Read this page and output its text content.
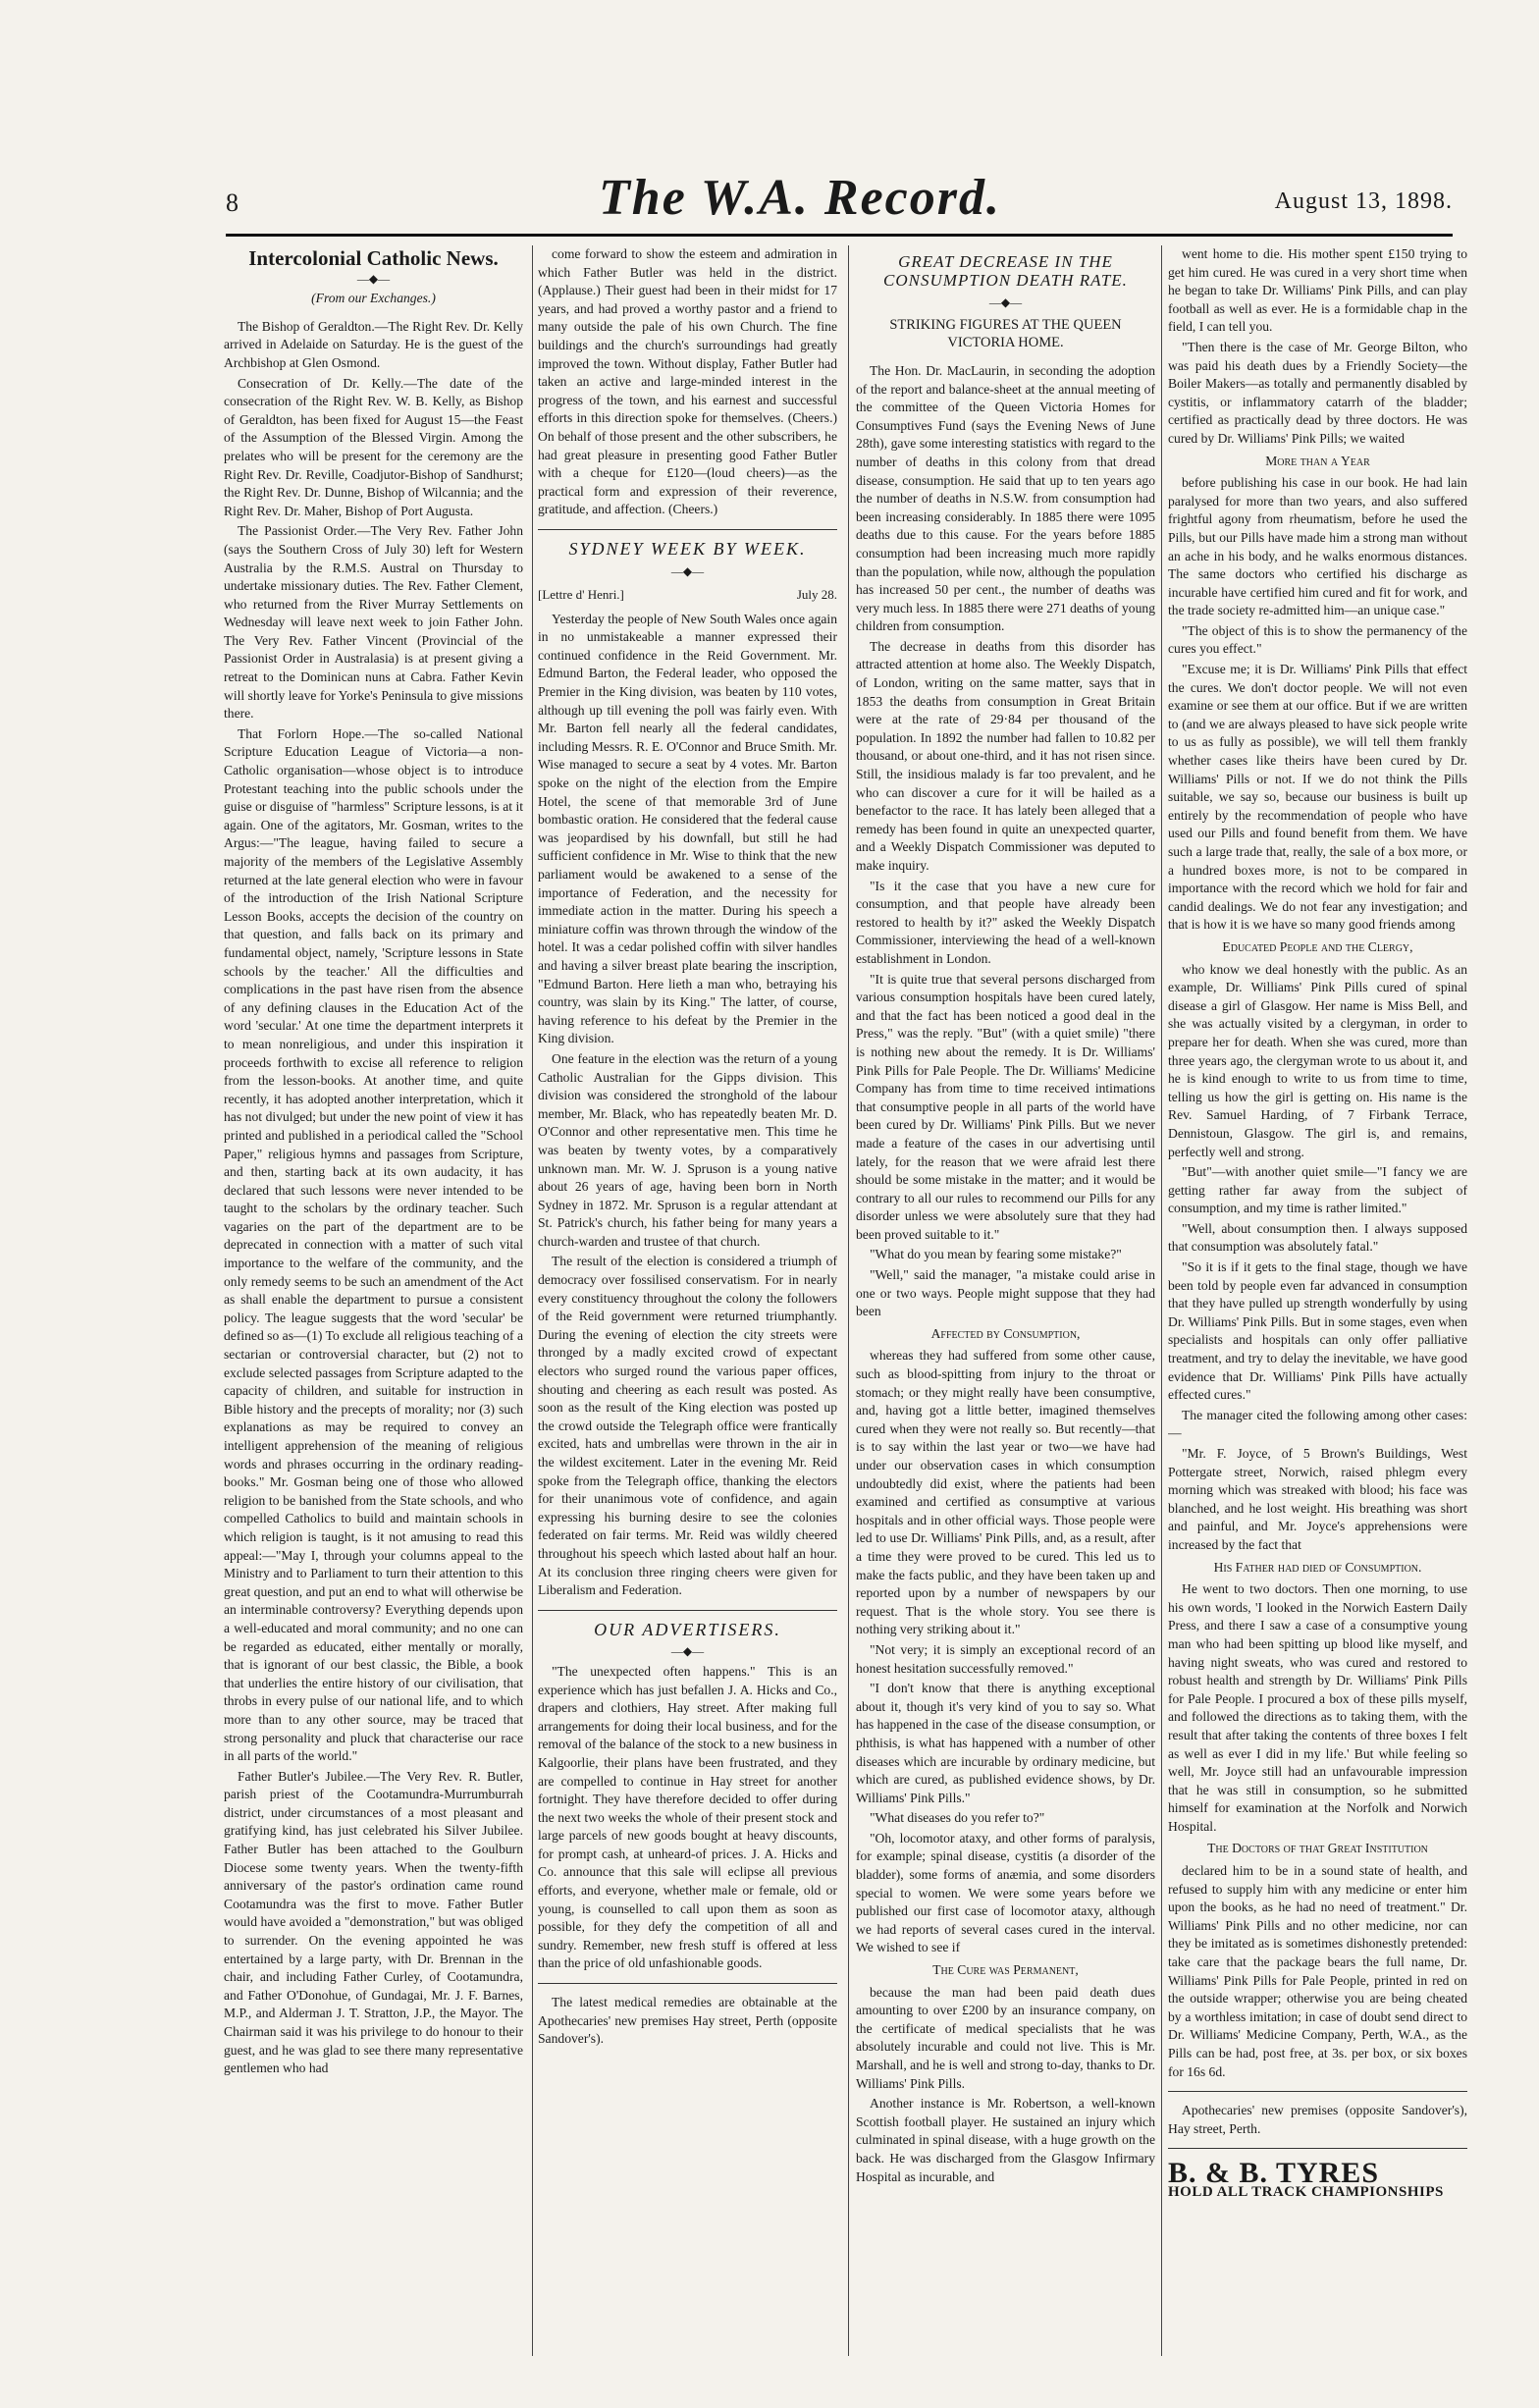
8	The W.A. Record.	August 13, 1898.
Intercolonial Catholic News.
—◆—
(From our Exchanges.)

The Bishop of Geraldton.—The Right Rev. Dr. Kelly arrived in Adelaide on Saturday. He is the guest of the Archbishop at Glen Osmond.

Consecration of Dr. Kelly.—The date of the consecration of the Right Rev. W. B. Kelly, as Bishop of Geraldton, has been fixed for August 15—the Feast of the Assumption of the Blessed Virgin. Among the prelates who will be present for the ceremony are the Right Rev. Dr. Reville, Coadjutor-Bishop of Sandhurst; the Right Rev. Dr. Dunne, Bishop of Wilcannia; and the Right Rev. Dr. Maher, Bishop of Port Augusta.

The Passionist Order.—The Very Rev. Father John (says the Southern Cross of July 30) left for Western Australia by the R.M.S. Austral on Thursday to undertake missionary duties. The Rev. Father Clement, who returned from the River Murray Settlements on Wednesday will leave next week to join Father John. The Very Rev. Father Vincent (Provincial of the Passionist Order in Australasia) is at present giving a retreat to the Dominican nuns at Cabra. Father Kevin will shortly leave for Yorke's Peninsula to give missions there.

That Forlorn Hope.—The so-called National Scripture Education League of Victoria—a non-Catholic organisation—whose object is to introduce Protestant teaching into the public schools under the guise or disguise of "harmless" Scripture lessons, is at it again. One of the agitators, Mr. Gosman, writes to the Argus:—"The league, having failed to secure a majority of the members of the Legislative Assembly returned at the late general election who were in favour of the introduction of the Irish National Scripture Lesson Books, accepts the decision of the country on that question, and falls back on its primary and fundamental object, namely, 'Scripture lessons in State schools by the teacher.' All the difficulties and complications in the past have risen from the absence of any defining clauses in the Education Act of the word 'secular.' At one time the department interprets it to mean nonreligious, and under this inspiration it proceeds forthwith to excise all reference to religion from the lesson-books. At another time, and quite recently, it has adopted another interpretation, which it has not divulged; but under the new point of view it has printed and published in a periodical called the "School Paper," religious hymns and passages from Scripture, and then, starting back at its own audacity, it has declared that such lessons were never intended to be taught to the scholars by the ordinary teacher. Such vagaries on the part of the department are to be deprecated in connection with a matter of such vital importance to the welfare of the community, and the only remedy seems to be such an amendment of the Act as shall enable the department to pursue a consistent policy. The league suggests that the word 'secular' be defined so as—(1) To exclude all religious teaching of a sectarian or controversial character, but (2) not to exclude selected passages from Scripture adapted to the capacity of children, and suitable for instruction in Bible history and the precepts of morality; nor (3) such explanations as may be required to convey an intelligent apprehension of the meaning of religious words and phrases occurring in the ordinary reading-books." Mr. Gosman being one of those who allowed religion to be banished from the State schools, and who compelled Catholics to build and maintain schools in which religion is taught, is it not amusing to read this appeal:—"May I, through your columns appeal to the Ministry and to Parliament to turn their attention to this great question, and put an end to what will otherwise be an interminable controversy? Everything depends upon a well-educated and moral community; and no one can be regarded as educated, either mentally or morally, that is ignorant of our best classic, the Bible, a book that underlies the entire history of our civilisation, that throbs in every pulse of our national life, and to which more than to any other source, may be traced that strong personality and pluck that characterise our race in all parts of the world."

Father Butler's Jubilee.—The Very Rev. R. Butler, parish priest of the Cootamundra-Murrumburrah district, under circumstances of a most pleasant and gratifying kind, has just celebrated his Silver Jubilee. Father Butler has been attached to the Goulburn Diocese some twenty years. When the twenty-fifth anniversary of the pastor's ordination came round Cootamundra was the first to move. Father Butler would have avoided a "demonstration," but was obliged to surrender. On the evening appointed he was entertained by a large party, with Dr. Brennan in the chair, and including Father Curley, of Cootamundra, and Father O'Donohue, of Gundagai, Mr. J. F. Barnes, M.P., and Alderman J. T. Stratton, J.P., the Mayor. The Chairman said it was his privilege to do honour to their guest, and he was glad to see there many representative gentlemen who had

come forward to show the esteem and admiration in which Father Butler was held in the district. (Applause.) Their guest had been in their midst for 17 years, and had proved a worthy pastor and a friend to many outside the pale of his own Church. The fine buildings and the church's surroundings had greatly improved the town. Without display, Father Butler had taken an active and large-minded interest in the progress of the town, and his earnest and successful efforts in this direction spoke for themselves. (Cheers.) On behalf of those present and the other subscribers, he had great pleasure in presenting good Father Butler with a cheque for £120—(loud cheers)—as the practical form and expression of their reverence, gratitude, and affection. (Cheers.)

SYDNEY WEEK BY WEEK.
—◆—
[Lettre d' Henri.]	July 28.

Yesterday the people of New South Wales once again in no unmistakeable a manner expressed their continued confidence in the Reid Government. Mr. Edmund Barton, the Federal leader, who opposed the Premier in the King division, was beaten by 110 votes, although up till evening the poll was fairly even. With Mr. Barton fell nearly all the federal candidates, including Messrs. R. E. O'Connor and Bruce Smith. Mr. Wise managed to secure a seat by 4 votes. Mr. Barton spoke on the night of the election from the Empire Hotel, the scene of that memorable 3rd of June bombastic oration. He considered that the federal cause was jeopardised by his downfall, but still he had sufficient confidence in Mr. Wise to think that the new parliament would be awakened to a sense of the importance of Federation, and the necessity for immediate action in the matter. During his speech a miniature coffin was thrown through the window of the hotel. It was a cedar polished coffin with silver handles and having a silver breast plate bearing the inscription, "Edmund Barton. Here lieth a man who, betraying his country, was slain by its King." The latter, of course, having reference to his defeat by the Premier in the King division.

One feature in the election was the return of a young Catholic Australian for the Gipps division. This division was considered the stronghold of the labour member, Mr. Black, who has repeatedly beaten Mr. D. O'Connor and other representative men. This time he was beaten by twenty votes, by a comparatively unknown man. Mr. W. J. Spruson is a young native about 26 years of age, having been born in North Sydney in 1872. Mr. Spruson is a regular attendant at St. Patrick's church, his father being for many years a church-warden and trustee of that church.

The result of the election is considered a triumph of democracy over fossilised conservatism. For in nearly every constituency throughout the colony the followers of the Reid government were returned triumphantly. During the evening of election the city streets were thronged by a madly excited crowd of expectant electors who surged round the various paper offices, shouting and cheering as each result was posted. As soon as the result of the King election was posted up the crowd outside the Telegraph office were frantically excited, hats and umbrellas were thrown in the air in the wildest excitement. Later in the evening Mr. Reid spoke from the Telegraph office, thanking the electors for their unanimous vote of confidence, and again expressing his burning desire to see the colonies federated on fair terms. Mr. Reid was wildly cheered throughout his speech which lasted about half an hour. At its conclusion three ringing cheers were given for Liberalism and Federation.

OUR ADVERTISERS.
—◆—

"The unexpected often happens." This is an experience which has just befallen J. A. Hicks and Co., drapers and clothiers, Hay street. After making full arrangements for doing their local business, and for the removal of the balance of the stock to a new business in Kalgoorlie, their plans have been frustrated, and they are compelled to continue in Hay street for another fortnight. They have therefore decided to offer during the next two weeks the whole of their present stock and large parcels of new goods bought at heavy discounts, for prompt cash, at unheard-of prices. J. A. Hicks and Co. announce that this sale will eclipse all previous efforts, and everyone, whether male or female, old or young, is counselled to call upon them as soon as possible, for they defy the competition of all and sundry. Remember, new fresh stuff is offered at less than the price of old unfashionable goods.

The latest medical remedies are obtainable at the Apothecaries' new premises Hay street, Perth (opposite Sandover's).

GREAT DECREASE IN THE CONSUMPTION DEATH RATE.
—◆—
STRIKING FIGURES AT THE QUEEN VICTORIA HOME.

The Hon. Dr. MacLaurin, in seconding the adoption of the report and balance-sheet at the annual meeting of the committee of the Queen Victoria Homes for Consumptives Fund (says the Evening News of June 28th), gave some interesting statistics with regard to the number of deaths in this colony from that dread disease, consumption. He said that up to ten years ago the number of deaths in N.S.W. from consumption had been increasing considerably. In 1885 there were 1095 deaths due to this cause. For the years before 1885 consumption had been increasing much more rapidly than the population, while now, although the population has increased 50 per cent., the number of deaths was very much less. In 1885 there were 271 deaths of young children from consumption.

The decrease in deaths from this disorder has attracted attention at home also. The Weekly Dispatch, of London, writing on the same matter, says that in 1853 the deaths from consumption in Great Britain were at the rate of 29·84 per thousand of the population. In 1892 the number had fallen to 10.82 per thousand, or about one-third, and it has not risen since. Still, the insidious malady is far too prevalent, and he who can discover a cure for it will be hailed as a benefactor to the race. It has lately been alleged that a remedy has been found in quite an unexpected quarter, and a Weekly Dispatch Commissioner was deputed to make inquiry.

"Is it the case that you have a new cure for consumption, and that people have already been restored to health by it?" asked the Weekly Dispatch Commissioner, interviewing the head of a well-known establishment in London.

"It is quite true that several persons discharged from various consumption hospitals have been cured lately, and that the fact has been noticed a good deal in the Press," was the reply. "But" (with a quiet smile) "there is nothing new about the remedy. It is Dr. Williams' Pink Pills for Pale People. The Dr. Williams' Medicine Company has from time to time received intimations that consumptive people in all parts of the world have been cured by Dr. Williams' Pink Pills. But we never made a feature of the cases in our advertising until lately, for the reason that we were afraid lest there should be some mistake in the matter; and it would be contrary to all our rules to recommend our Pills for any disorder unless we were absolutely sure that they had been proved suitable to it."

"What do you mean by fearing some mistake?"

"Well," said the manager, "a mistake could arise in one or two ways. People might suppose that they had been

Affected by Consumption,

whereas they had suffered from some other cause, such as blood-spitting from injury to the throat or stomach; or they might really have been consumptive, and, having got a little better, imagined themselves cured when they were not really so. But recently—that is to say within the last year or two—we have had under our observation cases in which consumption undoubtedly did exist, where the patients had been examined and certified as consumptive at various hospitals and in other official ways. Those people were led to use Dr. Williams' Pink Pills, and, as a result, after a time they were proved to be cured. This led us to make the facts public, and they have been taken up and reported upon by a number of newspapers by our request. That is the whole story. You see there is nothing very striking about it."

"Not very; it is simply an exceptional record of an honest hesitation successfully removed."

"I don't know that there is anything exceptional about it, though it's very kind of you to say so. What has happened in the case of the disease consumption, or phthisis, is what has happened with a number of other diseases which are incurable by ordinary medicine, but which are cured, as published evidence shows, by Dr. Williams' Pink Pills."

"What diseases do you refer to?"

"Oh, locomotor ataxy, and other forms of paralysis, for example; spinal disease, cystitis (a disorder of the bladder), some forms of anæmia, and some disorders special to women. We were some years before we published our first case of locomotor ataxy, although we had reports of several cases cured in the interval. We wished to see if

The Cure was Permanent,

because the man had been paid death dues amounting to over £200 by an insurance company, on the certificate of medical specialists that he was absolutely incurable and could not live. This is Mr. Marshall, and he is well and strong to-day, thanks to Dr. Williams' Pink Pills.

Another instance is Mr. Robertson, a well-known Scottish football player. He sustained an injury which culminated in spinal disease, with a huge growth on the back. He was discharged from the Glasgow Infirmary Hospital as incurable, and

went home to die. His mother spent £150 trying to get him cured. He was cured in a very short time when he began to take Dr. Williams' Pink Pills, and can play football as well as ever. He is a formidable chap in the field, I can tell you.

"Then there is the case of Mr. George Bilton, who was paid his death dues by a Friendly Society—the Boiler Makers—as totally and permanently disabled by cystitis, or inflammatory catarrh of the bladder; certified as practically dead by three doctors. He was cured by Dr. Williams' Pink Pills; we waited

More than a Year

before publishing his case in our book. He had lain paralysed for more than two years, and also suffered frightful agony from rheumatism, before he used the Pills, but our Pills have made him a strong man without an ache in his body, and he walks enormous distances. The same doctors who certified his discharge as incurable have certified him cured and fit for work, and the trade society re-admitted him—an unique case."

"The object of this is to show the permanency of the cures you effect."

"Excuse me; it is Dr. Williams' Pink Pills that effect the cures. We don't doctor people. We will not even examine or see them at our office. But if we are written to (and we are always pleased to have sick people write to us as fully as possible), we will tell them frankly whether cases like theirs have been cured by Dr. Williams' Pills or not. If we do not think the Pills suitable, we say so, because our business is built up entirely by the recommendation of people who have used our Pills and found benefit from them. We have such a large trade that, really, the sale of a box more, or a hundred boxes more, is not to be compared in importance with the record which we hold for fair and candid dealings. We do not fear any investigation; and that is how it is we have so many good friends among

Educated People and the Clergy,

who know we deal honestly with the public. As an example, Dr. Williams' Pink Pills cured of spinal disease a girl of Glasgow. Her name is Miss Bell, and she was actually visited by a clergyman, in order to prepare her for death. When she was cured, more than three years ago, the clergyman wrote to us about it, and he is kind enough to write to us from time to time, telling us how the girl is getting on. His name is the Rev. Samuel Harding, of 7 Firbank Terrace, Dennistoun, Glasgow. The girl is, and remains, perfectly well and strong.

"But"—with another quiet smile—"I fancy we are getting rather far away from the subject of consumption, and my time is rather limited."

"Well, about consumption then. I always supposed that consumption was absolutely fatal."

"So it is if it gets to the final stage, though we have been told by people even far advanced in consumption that they have pulled up strength wonderfully by using Dr. Williams' Pink Pills. But in some stages, even when specialists and hospitals can only offer palliative treatment, and try to delay the inevitable, we have good evidence that Dr. Williams' Pink Pills have actually effected cures."

The manager cited the following among other cases:—

"Mr. F. Joyce, of 5 Brown's Buildings, West Pottergate street, Norwich, raised phlegm every morning which was streaked with blood; his face was blanched, and he lost weight. His breathing was short and painful, and Mr. Joyce's apprehensions were increased by the fact that

His Father had died of Consumption.

He went to two doctors. Then one morning, to use his own words, 'I looked in the Norwich Eastern Daily Press, and there I saw a case of a consumptive young man who had been spitting up blood like myself, and having night sweats, who was cured and restored to robust health and strength by Dr. Williams' Pink Pills for Pale People. I procured a box of these pills myself, and followed the directions as to taking them, with the result that after taking the contents of three boxes I felt as well as ever I did in my life.' But while feeling so well, Mr. Joyce still had an unfavourable impression that he was still in consumption, so he submitted himself for examination at the Norfolk and Norwich Hospital.

The Doctors of that Great Institution

declared him to be in a sound state of health, and refused to supply him with any medicine or enter him upon the books, as he had no need of treatment." Dr. Williams' Pink Pills and no other medicine, nor can they be imitated as is sometimes dishonestly pretended: take care that the package bears the full name, Dr. Williams' Pink Pills for Pale People, printed in red on the outside wrapper; otherwise you are being cheated by a worthless imitation; in case of doubt send direct to Dr. Williams' Medicine Company, Perth, W.A., as the Pills can be had, post free, at 3s. per box, or six boxes for 16s 6d.

Apothecaries' new premises (opposite Sandover's), Hay street, Perth.

B. & B. TYRES
HOLD ALL TRACK CHAMPIONSHIPS
